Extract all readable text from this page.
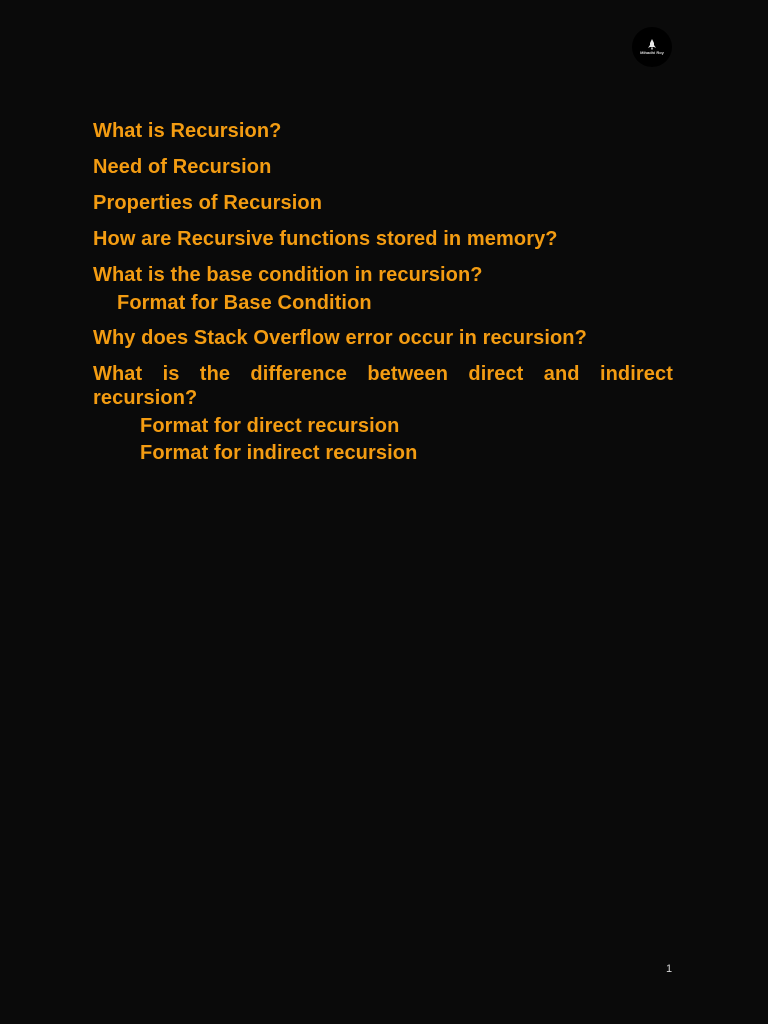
Mihadhi Roy
What is Recursion?
Need of Recursion
Properties of Recursion
How are Recursive functions stored in memory?
What is the base condition in recursion?
Format for Base Condition
Why does Stack Overflow error occur in recursion?
What is the difference between direct and indirect recursion?
Format for direct recursion
Format for indirect recursion
1
